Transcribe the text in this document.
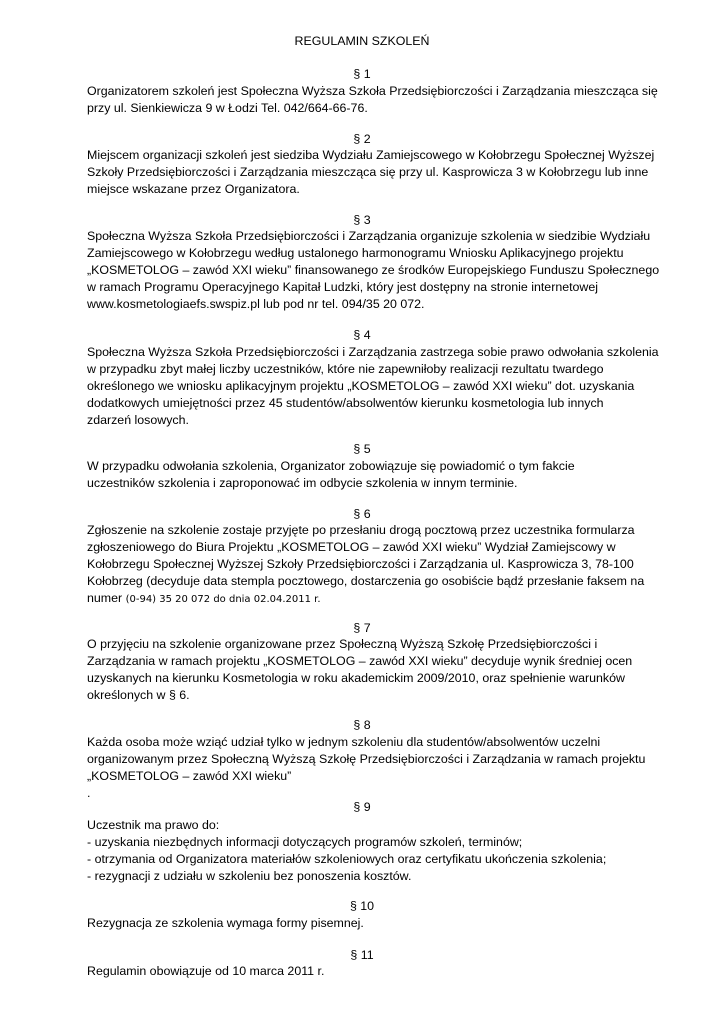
REGULAMIN SZKOLEŃ
§ 1
Organizatorem szkoleń jest Społeczna Wyższa Szkoła Przedsiębiorczości i Zarządzania mieszcząca się
przy ul. Sienkiewicza 9 w Łodzi Tel. 042/664-66-76.
§ 2
Miejscem organizacji szkoleń jest siedziba Wydziału Zamiejscowego w Kołobrzegu Społecznej Wyższej
Szkoły Przedsiębiorczości i Zarządzania mieszcząca się przy ul. Kasprowicza 3 w Kołobrzegu lub inne
miejsce wskazane przez Organizatora.
§ 3
Społeczna Wyższa Szkoła Przedsiębiorczości i Zarządzania organizuje szkolenia w siedzibie Wydziału
Zamiejscowego w Kołobrzegu według ustalonego harmonogramu Wniosku Aplikacyjnego projektu
„KOSMETOLOG – zawód XXI wieku” finansowanego ze środków Europejskiego Funduszu Społecznego
w ramach Programu Operacyjnego Kapitał Ludzki, który jest dostępny na stronie internetowej
www.kosmetologiaefs.swspiz.pl lub pod nr tel. 094/35 20 072.
§ 4
Społeczna Wyższa Szkoła Przedsiębiorczości i Zarządzania zastrzega sobie prawo odwołania szkolenia
w przypadku zbyt małej liczby uczestników, które nie zapewniłoby realizacji rezultatu twardego
określonego we wniosku aplikacyjnym projektu „KOSMETOLOG – zawód XXI wieku” dot. uzyskania
dodatkowych umiejętności przez 45 studentów/absolwentów kierunku kosmetologia lub innych
zdarzeń losowych.
§ 5
W przypadku odwołania szkolenia, Organizator zobowiązuje się powiadomić o tym fakcie
uczestników szkolenia i zaproponować im odbycie szkolenia w innym terminie.
§ 6
Zgłoszenie na szkolenie zostaje przyjęte po przesłaniu drogą pocztową przez uczestnika formularza
zgłoszeniowego do Biura Projektu „KOSMETOLOG – zawód XXI wieku” Wydział Zamiejscowy w
Kołobrzegu Społecznej Wyższej Szkoły Przedsiębiorczości i Zarządzania ul. Kasprowicza 3, 78-100
Kołobrzeg (decyduje data stempla pocztowego, dostarczenia go osobiście bądź przesłanie faksem na
numer (0-94) 35 20 072 do dnia 02.04.2011 r.
§ 7
O przyjęciu na szkolenie organizowane przez Społeczną Wyższą Szkołę Przedsiębiorczości i
Zarządzania w ramach projektu „KOSMETOLOG – zawód XXI wieku” decyduje wynik średniej ocen
uzyskanych na kierunku Kosmetologia w roku akademickim 2009/2010, oraz spełnienie warunków
określonych w § 6.
§ 8
Każda osoba może wziąć udział tylko w jednym szkoleniu dla studentów/absolwentów uczelni
organizowanym przez Społeczną Wyższą Szkołę Przedsiębiorczości i Zarządzania w ramach projektu
„KOSMETOLOG – zawód XXI wieku”
.
§ 9
Uczestnik ma prawo do:
- uzyskania niezbędnych informacji dotyczących programów szkoleń, terminów;
- otrzymania od Organizatora materiałów szkoleniowych oraz certyfikatu ukończenia szkolenia;
- rezygnacji z udziału w szkoleniu bez ponoszenia kosztów.
§ 10
Rezygnacja ze szkolenia wymaga formy pisemnej.
§ 11
Regulamin obowiązuje od 10 marca 2011 r.
